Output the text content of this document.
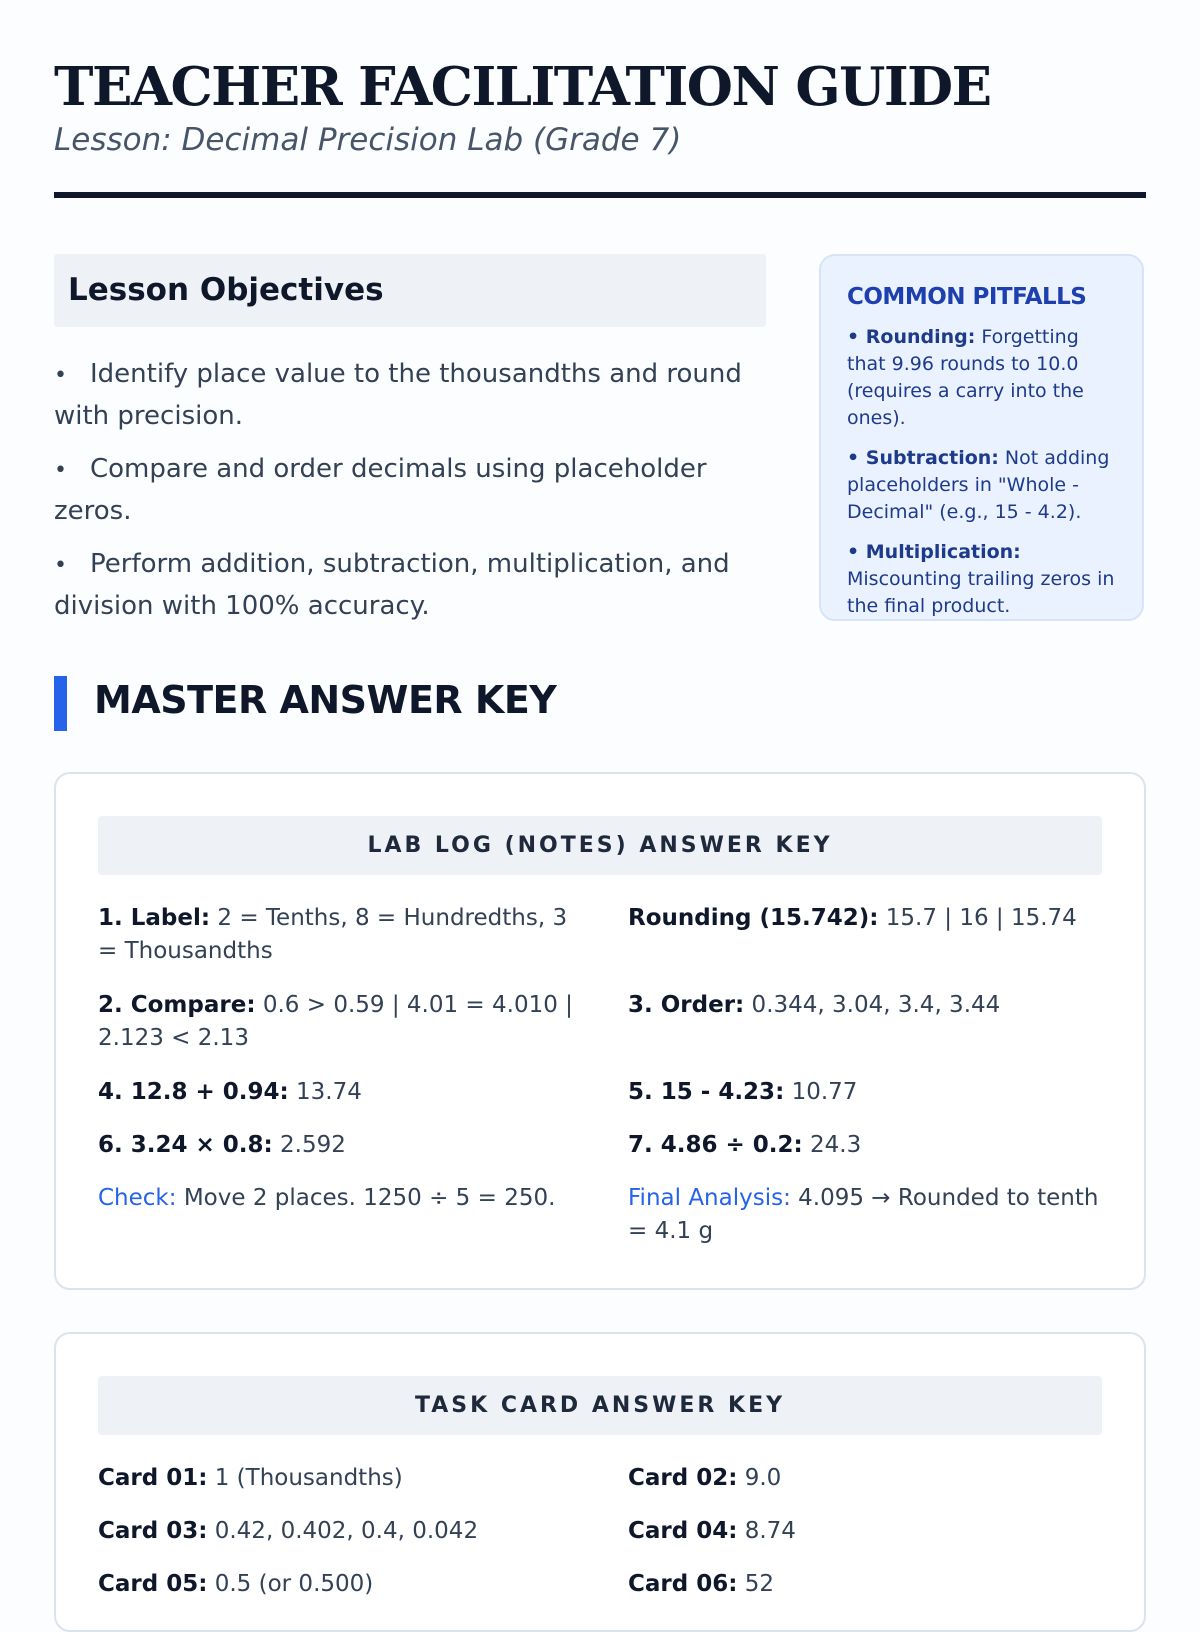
TEACHER FACILITATION GUIDE
Lesson: Decimal Precision Lab (Grade 7)
Lesson Objectives
• Identify place value to the thousandths and round with precision.
• Compare and order decimals using placeholder zeros.
• Perform addition, subtraction, multiplication, and division with 100% accuracy.
COMMON PITFALLS
• Rounding: Forgetting that 9.96 rounds to 10.0 (requires a carry into the ones).
• Subtraction: Not adding placeholders in "Whole - Decimal" (e.g., 15 - 4.2).
• Multiplication: Miscounting trailing zeros in the final product.
MASTER ANSWER KEY
LAB LOG (NOTES) ANSWER KEY
1. Label: 2 = Tenths, 8 = Hundredths, 3 = Thousandths
Rounding (15.742): 15.7 | 16 | 15.74
2. Compare: 0.6 > 0.59 | 4.01 = 4.010 | 2.123 < 2.13
3. Order: 0.344, 3.04, 3.4, 3.44
4. 12.8 + 0.94: 13.74	5. 15 - 4.23: 10.77
6. 3.24 × 0.8: 2.592	7. 4.86 ÷ 0.2: 24.3
Check: Move 2 places. 1250 ÷ 5 = 250.	Final Analysis: 4.095 → Rounded to tenth = 4.1 g
TASK CARD ANSWER KEY
Card 01: 1 (Thousandths)	Card 02: 9.0
Card 03: 0.42, 0.402, 0.4, 0.042	Card 04: 8.74
Card 05: 0.5 (or 0.500)	Card 06: 52
